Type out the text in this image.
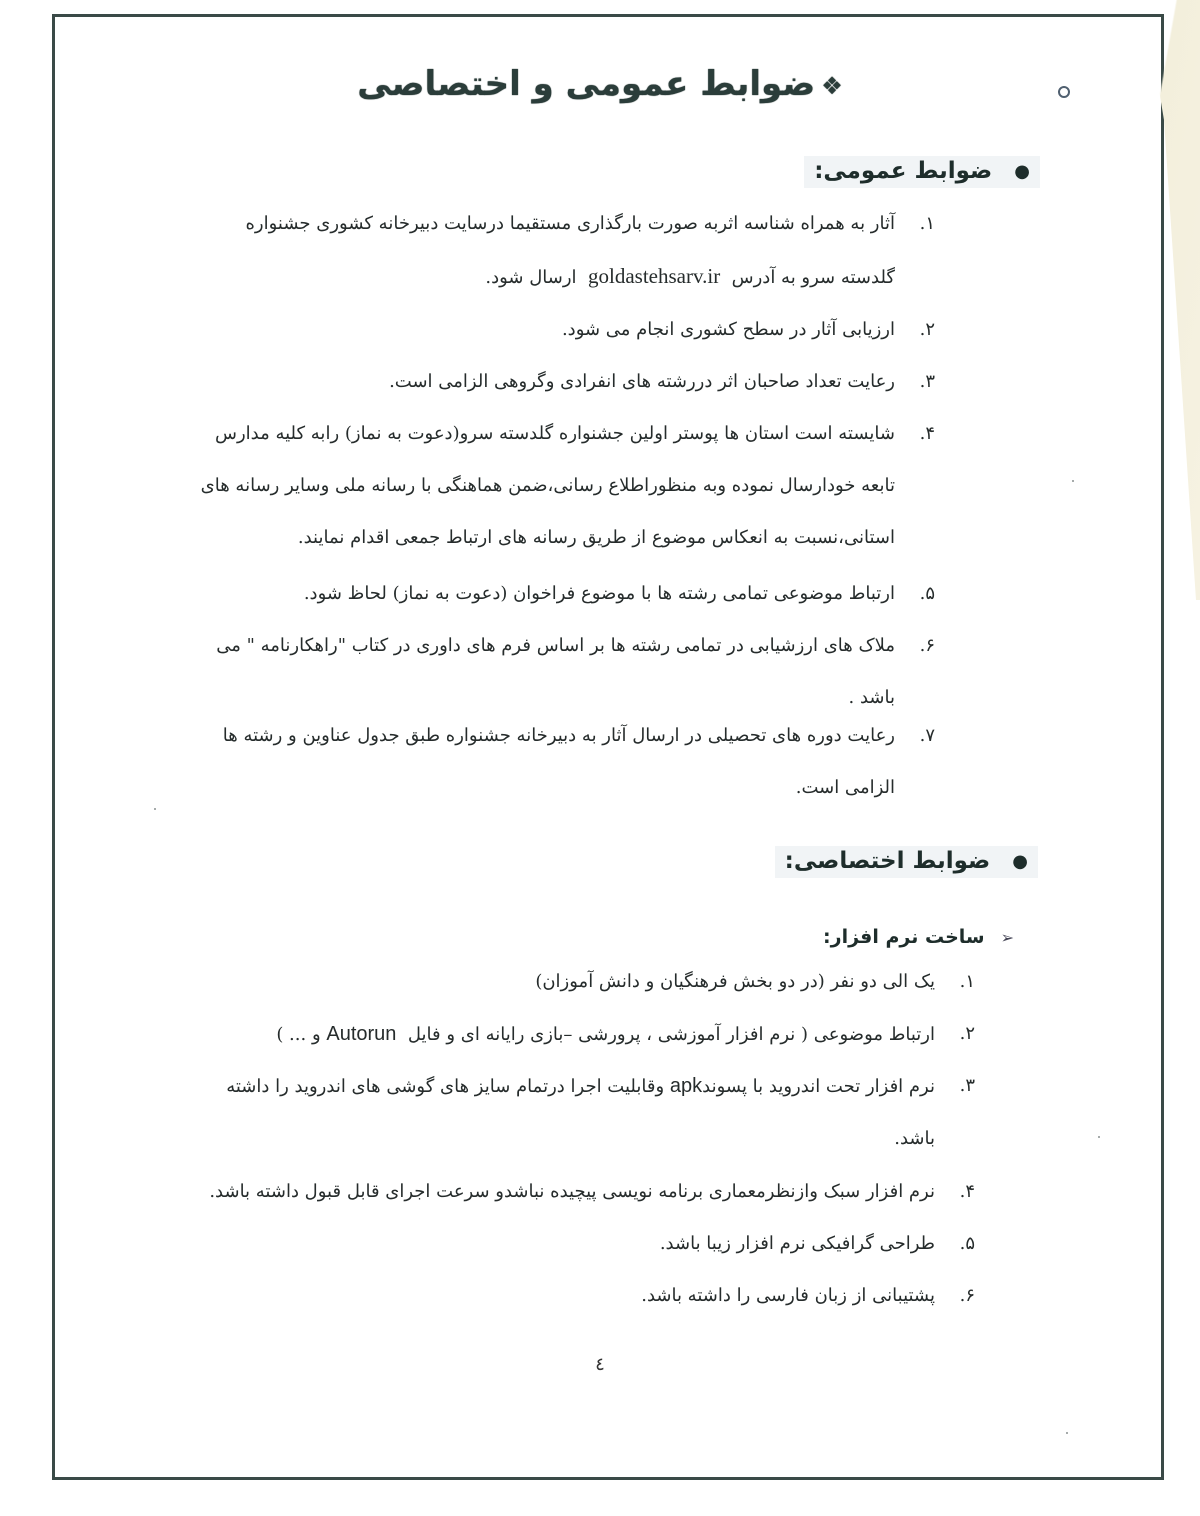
❖ضوابط عمومی و اختصاصی
●ضوابط عمومی:
۱.
آثار به همراه شناسه اثربه صورت بارگذاری مستقیما درسایت دبیرخانه کشوری جشنواره گلدسته سرو به آدرس  goldastehsarv.ir  ارسال شود.
۲.
ارزیابی آثار در سطح کشوری انجام می شود.
۳.
رعایت تعداد صاحبان اثر دررشته های انفرادی وگروهی الزامی است.
۴.
شایسته است استان ها پوستر اولین جشنواره گلدسته سرو(دعوت به نماز) رابه کلیه مدارس تابعه خودارسال نموده وبه منظوراطلاع رسانی،ضمن هماهنگی با رسانه ملی وسایر رسانه های استانی،نسبت به انعکاس موضوع از طریق رسانه های ارتباط جمعی اقدام نمایند.
۵.
ارتباط موضوعی تمامی رشته ها با موضوع فراخوان (دعوت به نماز) لحاظ شود.
۶.
ملاک های ارزشیابی در تمامی رشته ها بر اساس فرم های داوری در کتاب "راهکارنامه " می باشد .
۷.
رعایت دوره های تحصیلی در ارسال آثار به دبیرخانه جشنواره طبق جدول عناوین و رشته ها الزامی است.
●ضوابط اختصاصی:
➢ساخت نرم افزار:
۱.
یک الی دو نفر (در دو بخش فرهنگیان و دانش آموزان)
۲.
ارتباط موضوعی ( نرم افزار آموزشی ، پرورشی –بازی رایانه ای و فایل  Autorun و ... )
۳.
نرم افزار تحت اندروید با پسوندapk وقابلیت اجرا درتمام سایز های گوشی های اندروید را داشته باشد.
۴.
نرم افزار سبک وازنظرمعماری برنامه نویسی پیچیده نباشدو سرعت اجرای قابل قبول داشته باشد.
۵.
طراحی گرافیکی نرم افزار زیبا باشد.
۶.
پشتیبانی از زبان فارسی را داشته باشد.
٤
